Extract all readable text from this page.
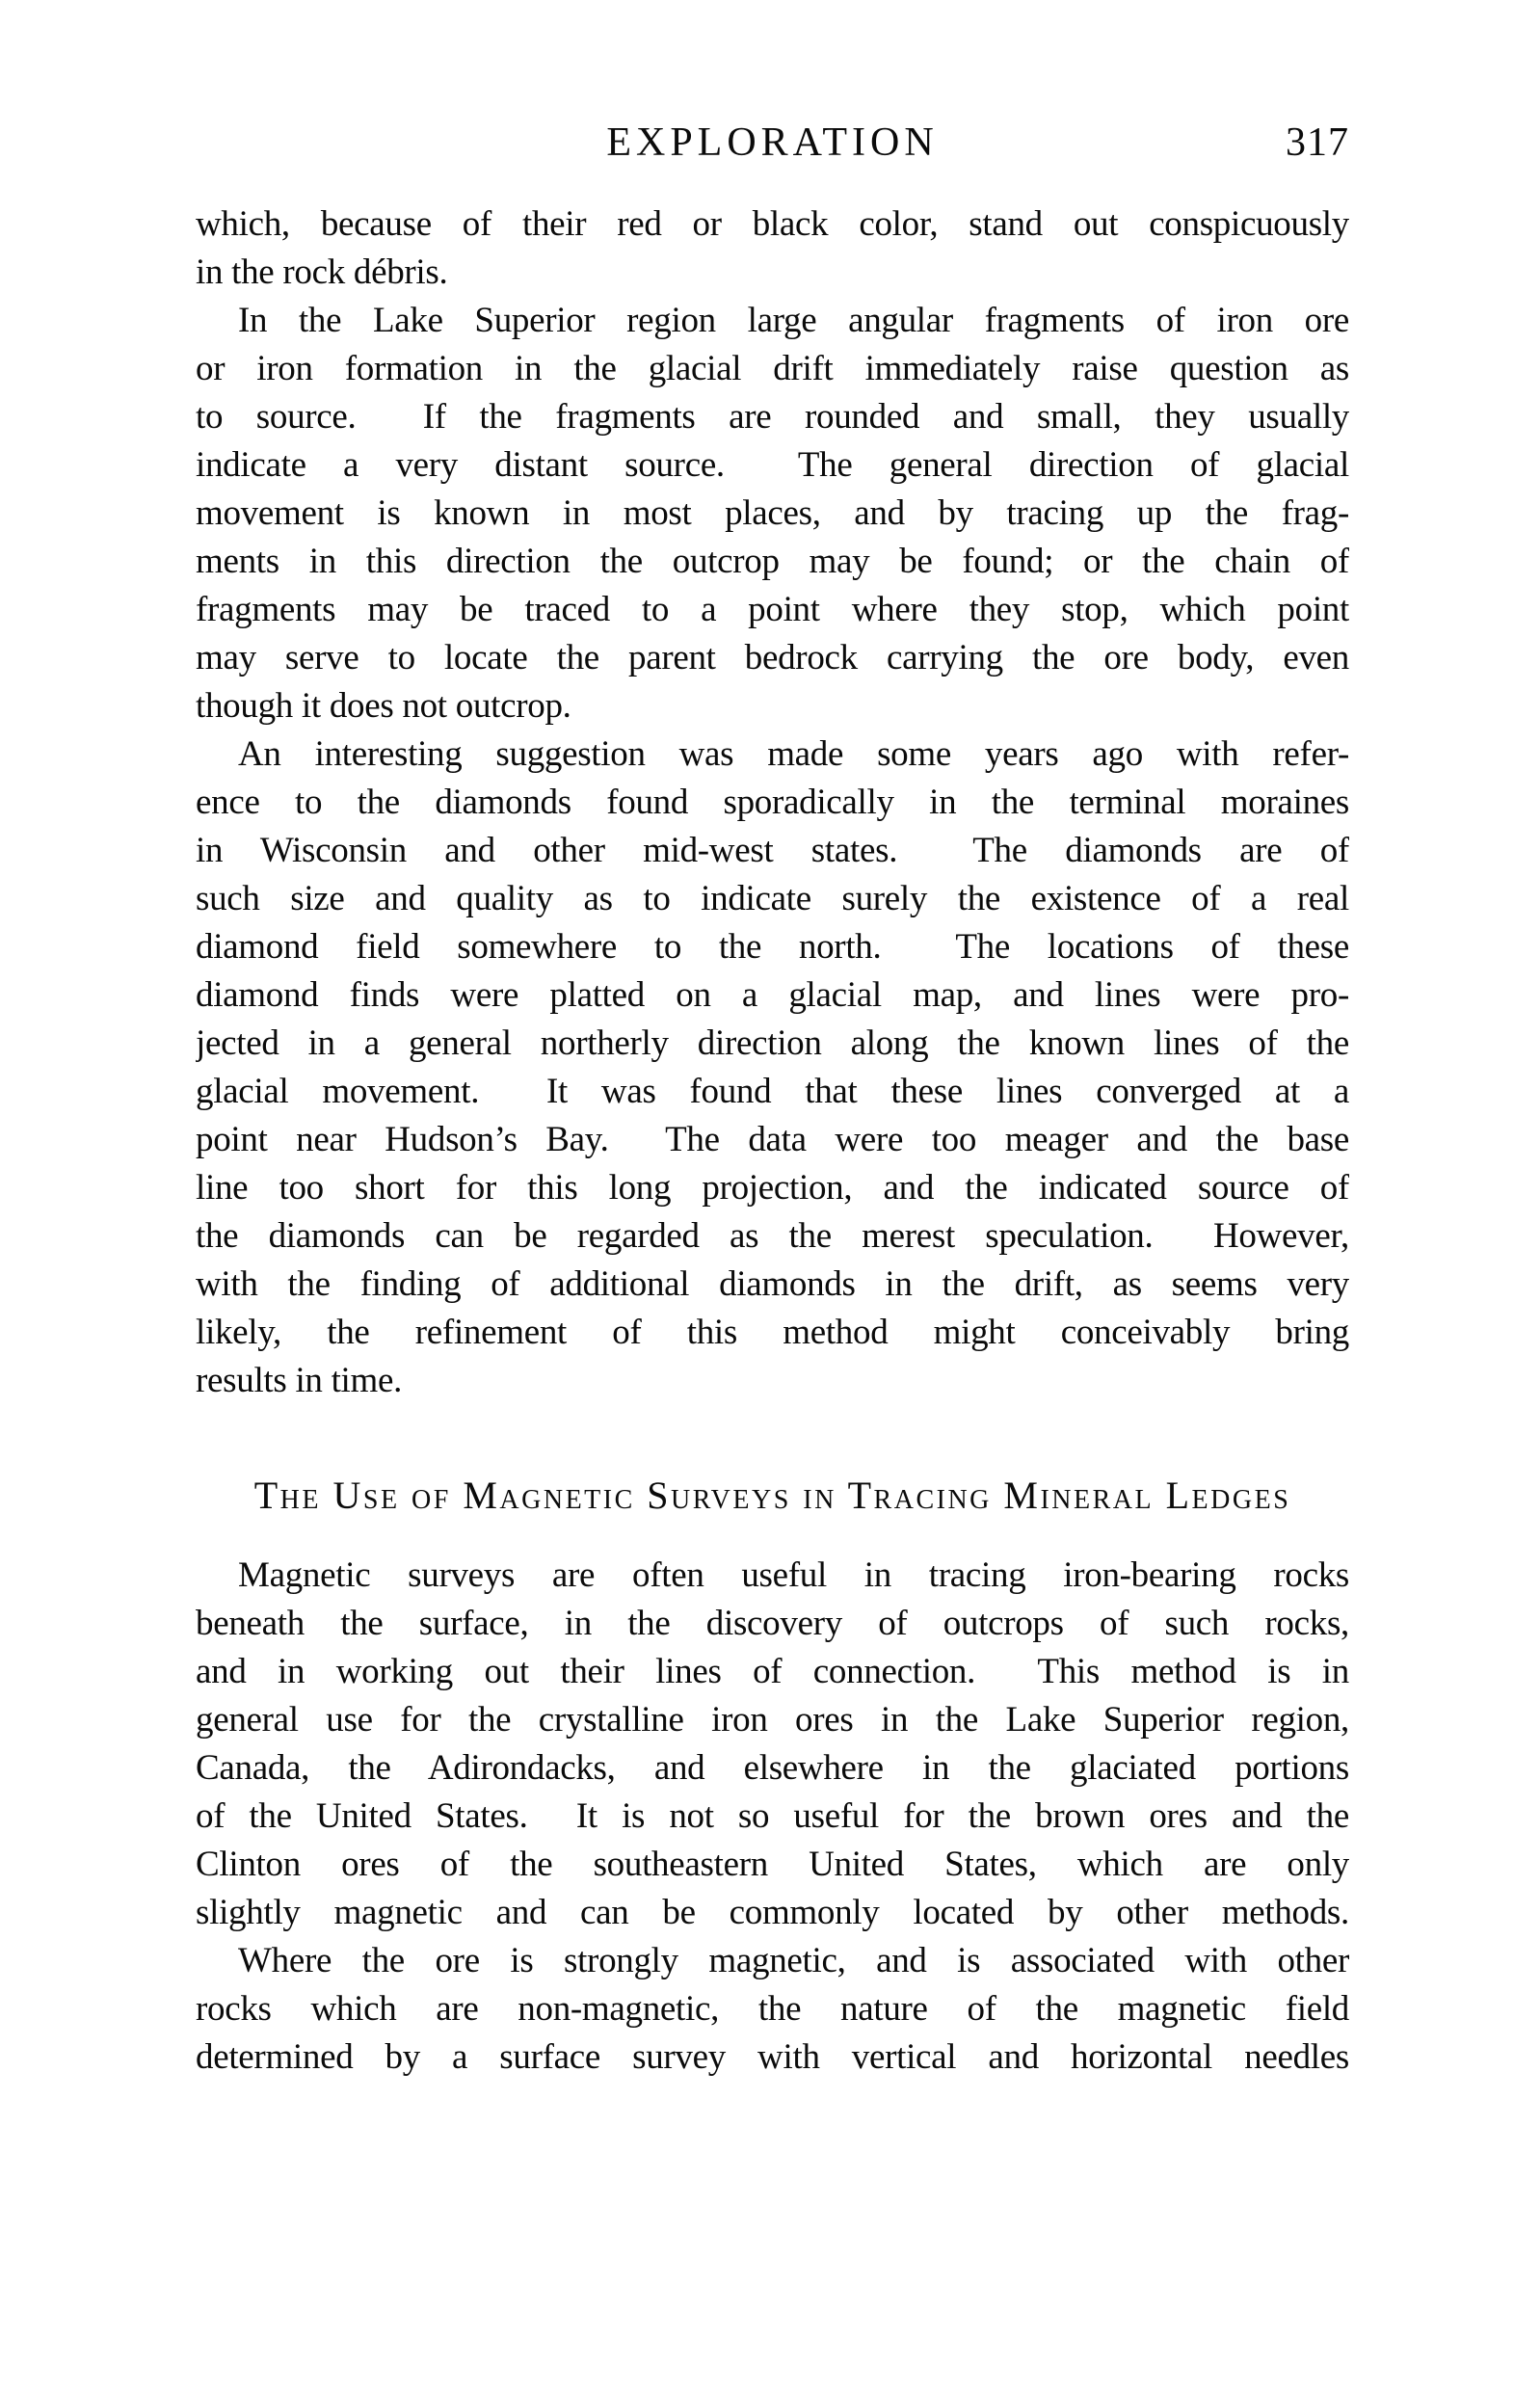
EXPLORATION	317
which, because of their red or black color, stand out conspicuously
in the rock débris.
In the Lake Superior region large angular fragments of iron ore
or iron formation in the glacial drift immediately raise question as
to source.  If the fragments are rounded and small, they usually
indicate a very distant source.  The general direction of glacial
movement is known in most places, and by tracing up the frag-
ments in this direction the outcrop may be found; or the chain of
fragments may be traced to a point where they stop, which point
may serve to locate the parent bedrock carrying the ore body, even
though it does not outcrop.
An interesting suggestion was made some years ago with refer-
ence to the diamonds found sporadically in the terminal moraines
in Wisconsin and other mid-west states.  The diamonds are of
such size and quality as to indicate surely the existence of a real
diamond field somewhere to the north.  The locations of these
diamond finds were platted on a glacial map, and lines were pro-
jected in a general northerly direction along the known lines of the
glacial movement.  It was found that these lines converged at a
point near Hudson’s Bay.  The data were too meager and the base
line too short for this long projection, and the indicated source of
the diamonds can be regarded as the merest speculation.  However,
with the finding of additional diamonds in the drift, as seems very
likely, the refinement of this method might conceivably bring
results in time.
The Use of Magnetic Surveys in Tracing Mineral Ledges
Magnetic surveys are often useful in tracing iron-bearing rocks
beneath the surface, in the discovery of outcrops of such rocks,
and in working out their lines of connection.  This method is in
general use for the crystalline iron ores in the Lake Superior region,
Canada, the Adirondacks, and elsewhere in the glaciated portions
of the United States.  It is not so useful for the brown ores and the
Clinton ores of the southeastern United States, which are only
slightly magnetic and can be commonly located by other methods.
Where the ore is strongly magnetic, and is associated with other
rocks which are non-magnetic, the nature of the magnetic field
determined by a surface survey with vertical and horizontal needles
